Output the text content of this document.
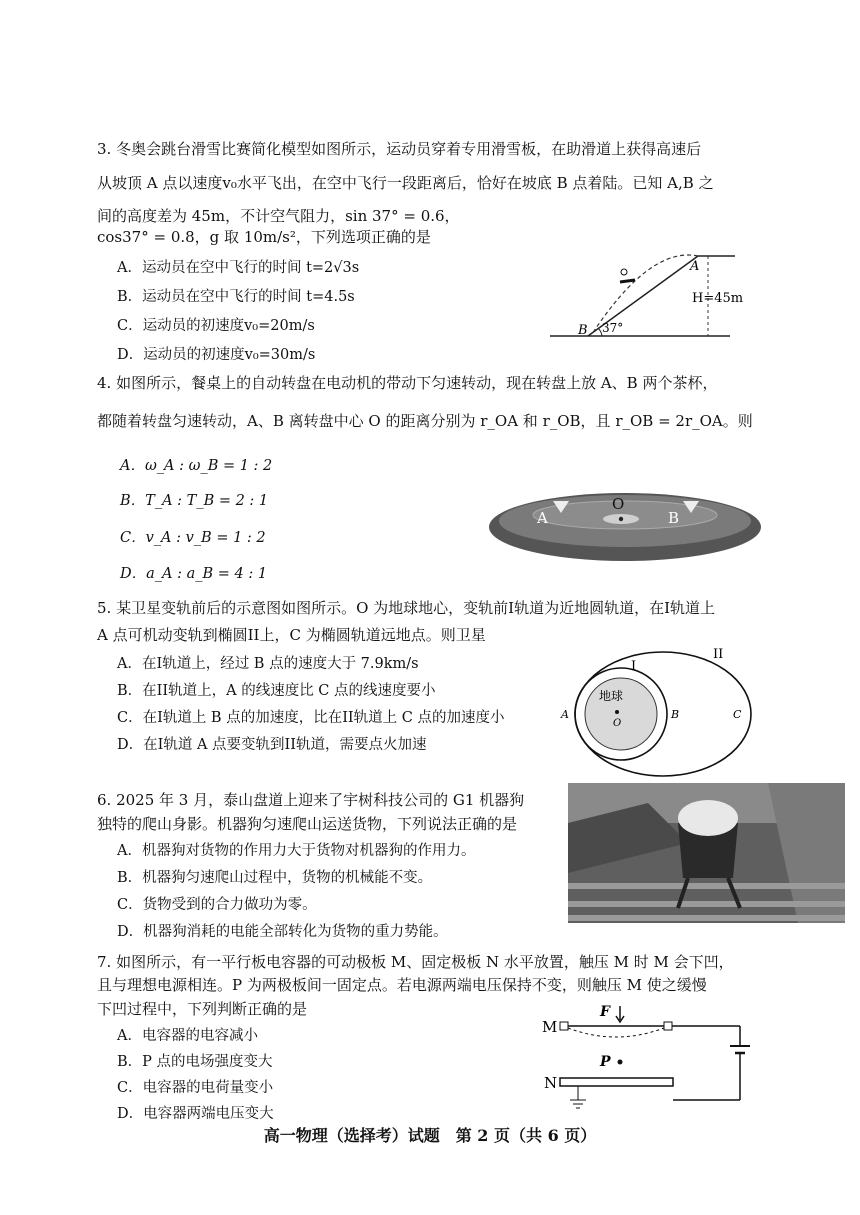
3. 冬奥会跳台滑雪比赛简化模型如图所示，运动员穿着专用滑雪板，在助滑道上获得高速后
从坡顶 A 点以速度v₀水平飞出，在空中飞行一段距离后，恰好在坡底 B 点着陆。已知 A,B 之
间的高度差为 45m，不计空气阻力，sin 37° = 0.6，
cos37° = 0.8，g 取 10m/s²，下列选项正确的是
A．运动员在空中飞行的时间 t=2√3s
B．运动员在空中飞行的时间 t=4.5s
C．运动员的初速度v₀=20m/s
D．运动员的初速度v₀=30m/s
A
B 37°
H=45m
4. 如图所示，餐桌上的自动转盘在电动机的带动下匀速转动，现在转盘上放 A、B 两个茶杯，
都随着转盘匀速转动，A、B 离转盘中心 O 的距离分别为 r_OA 和 r_OB，且 r_OB = 2r_OA。则
A．ω_A : ω_B = 1 : 2
B．T_A : T_B = 2 : 1
C．v_A : v_B = 1 : 2
D．a_A : a_B = 4 : 1
A
O
B
5. 某卫星变轨前后的示意图如图所示。O 为地球地心，变轨前I轨道为近地圆轨道，在I轨道上
A 点可机动变轨到椭圆II上，C 为椭圆轨道远地点。则卫星
A．在I轨道上，经过 B 点的速度大于 7.9km/s
B．在II轨道上，A 的线速度比 C 点的线速度要小
C．在I轨道上 B 点的加速度，比在II轨道上 C 点的加速度小
D．在I轨道 A 点要变轨到II轨道，需要点火加速
I
II
地球
A
O
B	C
6. 2025 年 3 月，泰山盘道上迎来了宇树科技公司的 G1 机器狗
独特的爬山身影。机器狗匀速爬山运送货物，下列说法正确的是
A．机器狗对货物的作用力大于货物对机器狗的作用力。
B．机器狗匀速爬山过程中，货物的机械能不变。
C．货物受到的合力做功为零。
D．机器狗消耗的电能全部转化为货物的重力势能。
7. 如图所示，有一平行板电容器的可动极板 M、固定极板 N 水平放置，触压 M 时 M 会下凹，
且与理想电源相连。P 为两极板间一固定点。若电源两端电压保持不变，则触压 M 使之缓慢
下凹过程中，下列判断正确的是
A．电容器的电容减小
B．P 点的电场强度变大
C．电容器的电荷量变小
D．电容器两端电压变大
M
F
P
N
高一物理（选择考）试题　第 2 页（共 6 页）
